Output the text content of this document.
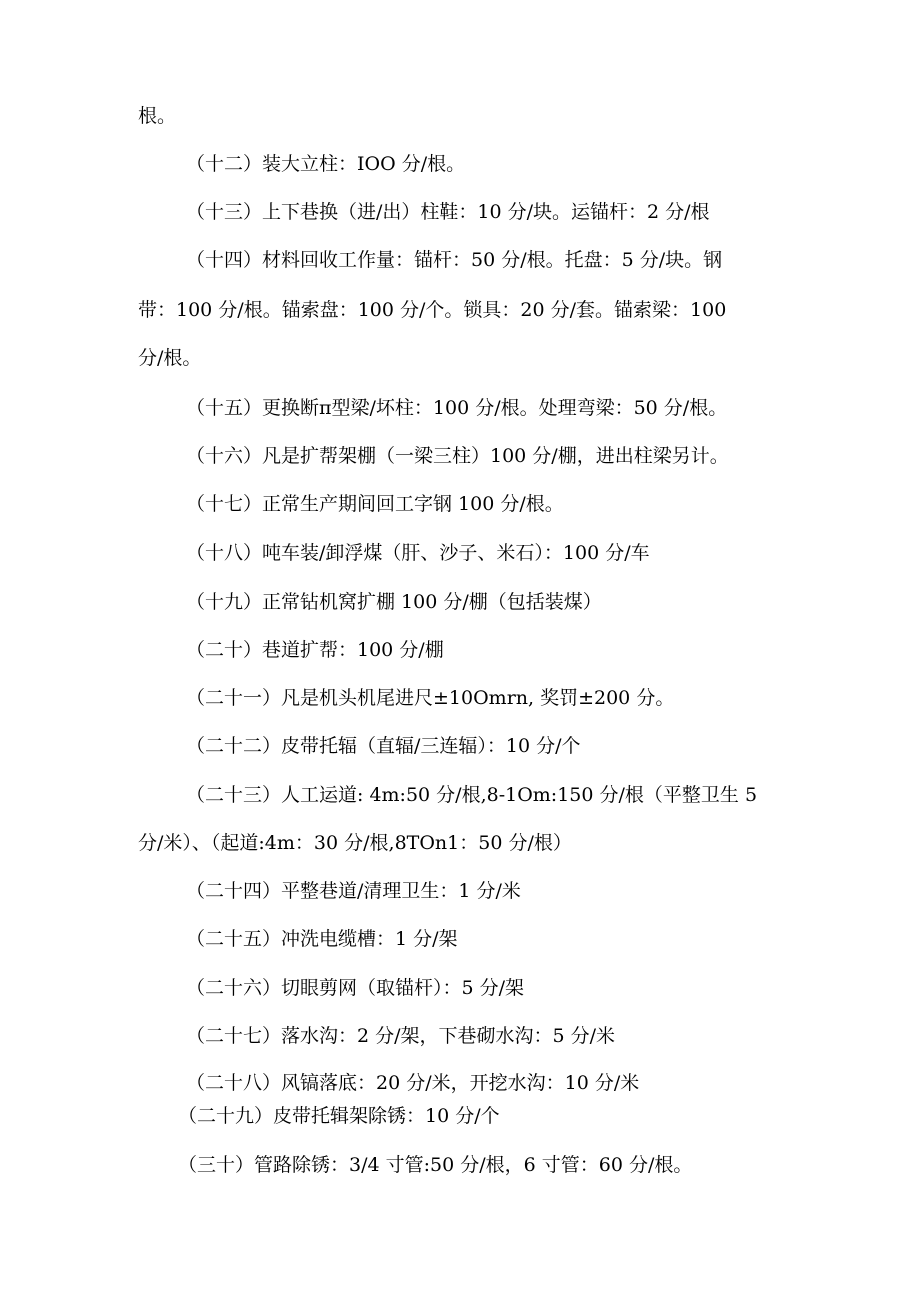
根。
（十二）装大立柱：IOO 分/根。
（十三）上下巷换（进/出）柱鞋：10 分/块。运锚杆：2 分/根
（十四）材料回收工作量：锚杆：50 分/根。托盘：5 分/块。钢
带：100 分/根。锚索盘：100 分/个。锁具：20 分/套。锚索梁：100
分/根。
（十五）更换断π型梁/坏柱：100 分/根。处理弯梁：50 分/根。
（十六）凡是扩帮架棚（一梁三柱）100 分/棚，进出柱梁另计。
（十七）正常生产期间回工字钢 100 分/根。
（十八）吨车装/卸浮煤（肝、沙子、米石）：100 分/车
（十九）正常钻机窝扩棚 100 分/棚（包括装煤）
（二十）巷道扩帮：100 分/棚
（二十一）凡是机头机尾进尺±10Omrn, 奖罚±200 分。
（二十二）皮带托辐（直辐/三连辐）：10 分/个
（二十三）人工运道: 4m:50 分/根,8-1Om:150 分/根（平整卫生 5
分/米）、（起道:4m：30 分/根,8TOn1：50 分/根）
（二十四）平整巷道/清理卫生：1 分/米
（二十五）冲洗电缆槽：1 分/架
（二十六）切眼剪网（取锚杆）：5 分/架
（二十七）落水沟：2 分/架，下巷砌水沟：5 分/米
（二十八）风镐落底：20 分/米，开挖水沟：10 分/米
（二十九）皮带托辑架除锈：10 分/个
（三十）管路除锈：3/4 寸管:50 分/根，6 寸管：60 分/根。
